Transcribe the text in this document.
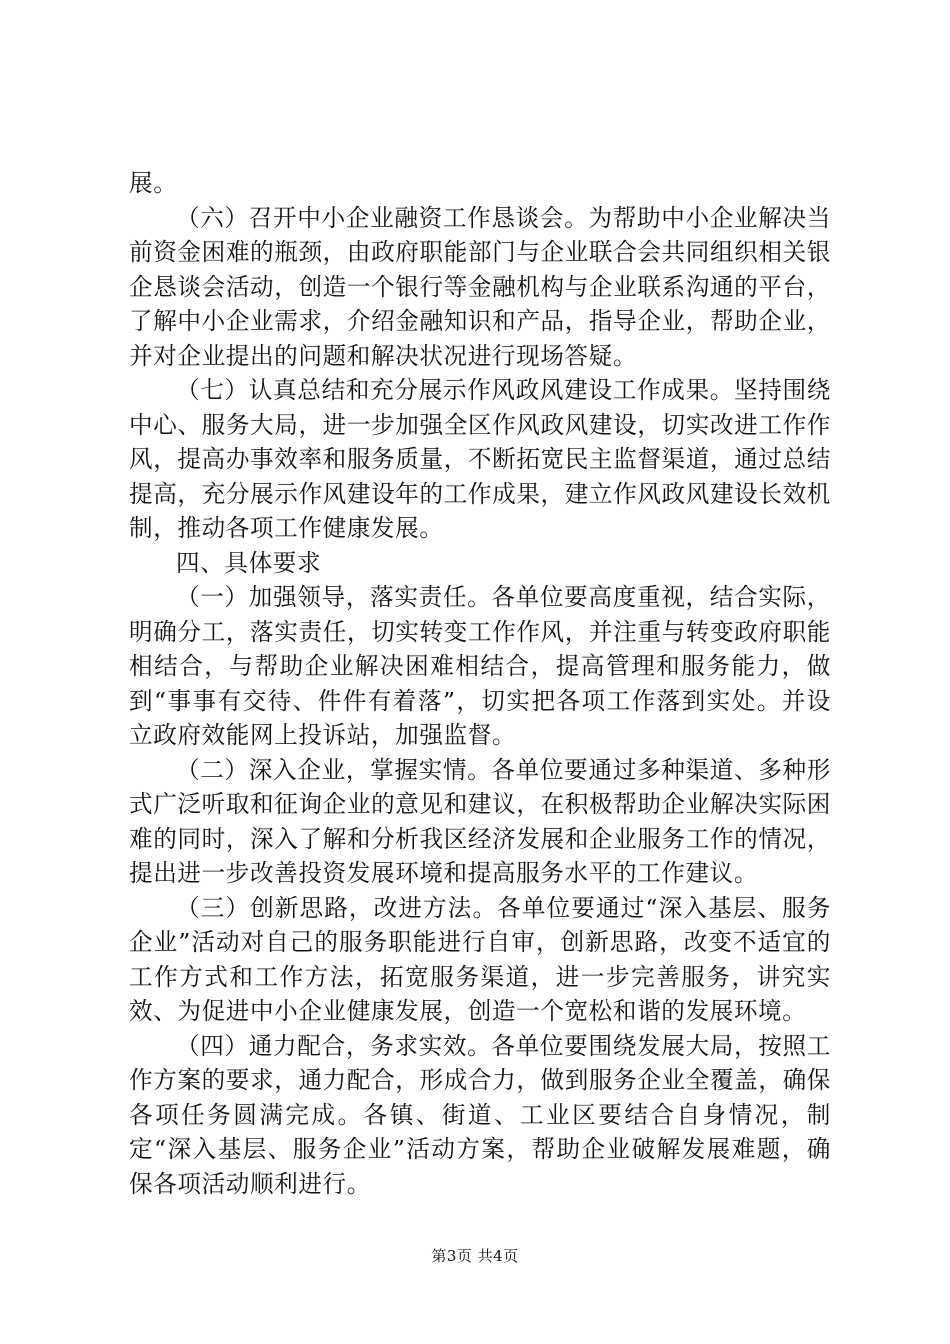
展。

（六）召开中小企业融资工作恳谈会。为帮助中小企业解决当前资金困难的瓶颈，由政府职能部门与企业联合会共同组织相关银企恳谈会活动，创造一个银行等金融机构与企业联系沟通的平台，了解中小企业需求，介绍金融知识和产品，指导企业，帮助企业，并对企业提出的问题和解决状况进行现场答疑。

（七）认真总结和充分展示作风政风建设工作成果。坚持围绕中心、服务大局，进一步加强全区作风政风建设，切实改进工作作风，提高办事效率和服务质量，不断拓宽民主监督渠道，通过总结提高，充分展示作风建设年的工作成果，建立作风政风建设长效机制，推动各项工作健康发展。

四、具体要求

（一）加强领导，落实责任。各单位要高度重视，结合实际，明确分工，落实责任，切实转变工作作风，并注重与转变政府职能相结合，与帮助企业解决困难相结合，提高管理和服务能力，做到“事事有交待、件件有着落”，切实把各项工作落到实处。并设立政府效能网上投诉站，加强监督。

（二）深入企业，掌握实情。各单位要通过多种渠道、多种形式广泛听取和征询企业的意见和建议，在积极帮助企业解决实际困难的同时，深入了解和分析我区经济发展和企业服务工作的情况，提出进一步改善投资发展环境和提高服务水平的工作建议。

（三）创新思路，改进方法。各单位要通过“深入基层、服务企业”活动对自己的服务职能进行自审，创新思路，改变不适宜的工作方式和工作方法，拓宽服务渠道，进一步完善服务，讲究实效、为促进中小企业健康发展，创造一个宽松和谐的发展环境。

（四）通力配合，务求实效。各单位要围绕发展大局，按照工作方案的要求，通力配合，形成合力，做到服务企业全覆盖，确保各项任务圆满完成。各镇、街道、工业区要结合自身情况，制定“深入基层、服务企业”活动方案，帮助企业破解发展难题，确保各项活动顺利进行。

第3页 共4页
